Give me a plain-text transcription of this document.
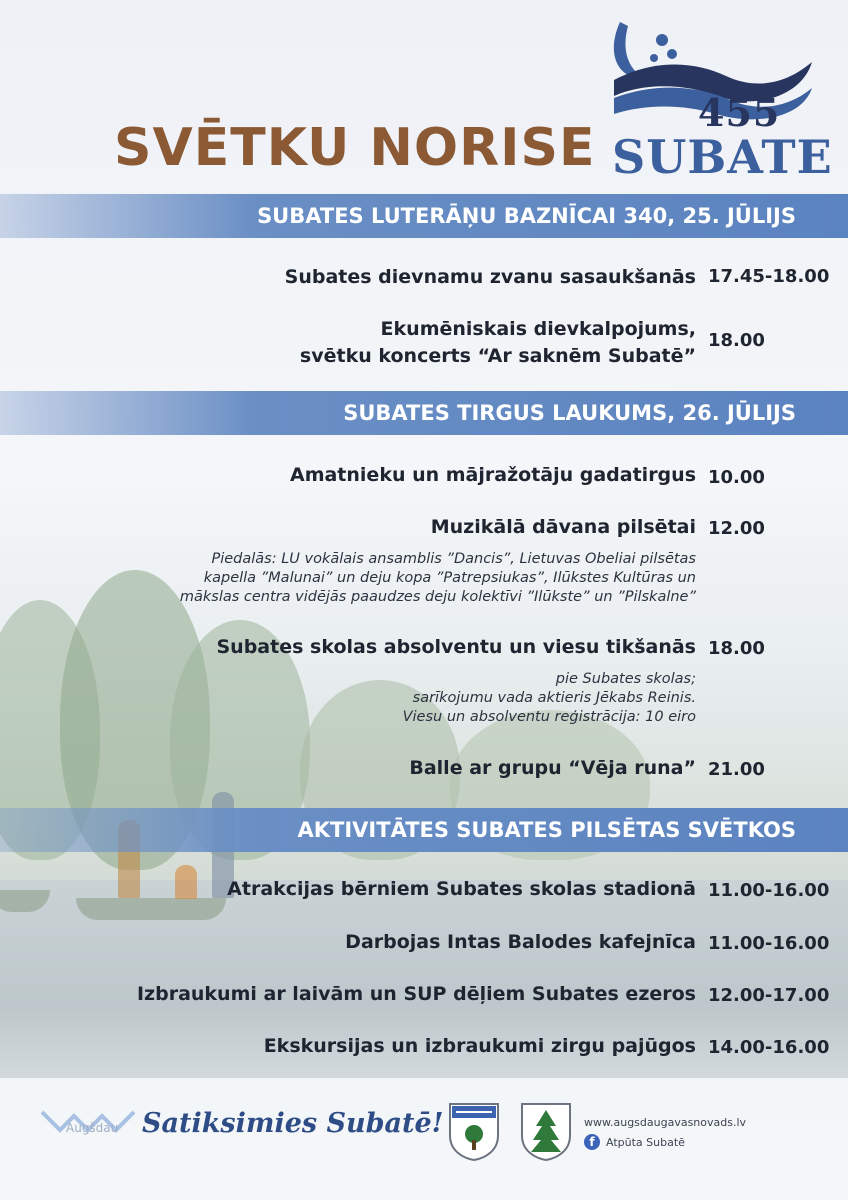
455
SUBATE
SVĒTKU NORISE
SUBATES LUTERĀŅU BAZNĪCAI 340, 25. JŪLIJS
Subates dievnamu zvanu sasaukšanās 17.45-18.00
Ekumēniskais dievkalpojums,
svētku koncerts “Ar saknēm Subatē”
18.00
SUBATES TIRGUS LAUKUMS, 26. JŪLIJS
Amatnieku un mājražotāju gadatirgus 10.00
Muzikālā dāvana pilsētai 12.00
Piedalās: LU vokālais ansamblis ”Dancis”, Lietuvas Obeliai pilsētas
kapella ”Malunai” un deju kopa ”Patrepsiukas”, Ilūkstes Kultūras un
mākslas centra vidējās paaudzes deju kolektīvi ”Ilūkste” un ”Pilskalne”
Subates skolas absolventu un viesu tikšanās 18.00
pie Subates skolas;
sarīkojumu vada aktieris Jēkabs Reinis.
Viesu un absolventu reģistrācija: 10 eiro
Balle ar grupu “Vēja runa” 21.00
AKTIVITĀTES SUBATES PILSĒTAS SVĒTKOS
Atrakcijas bērniem Subates skolas stadionā 11.00-16.00
Darbojas Intas Balodes kafejnīca 11.00-16.00
Izbraukumi ar laivām un SUP dēļiem Subates ezeros 12.00-17.00
Ekskursijas un izbraukumi zirgu pajūgos 14.00-16.00
Augšdau Satiksimies Subatē!	www.augsdaugavasnovads.lv
f	Atpūta Subatē
